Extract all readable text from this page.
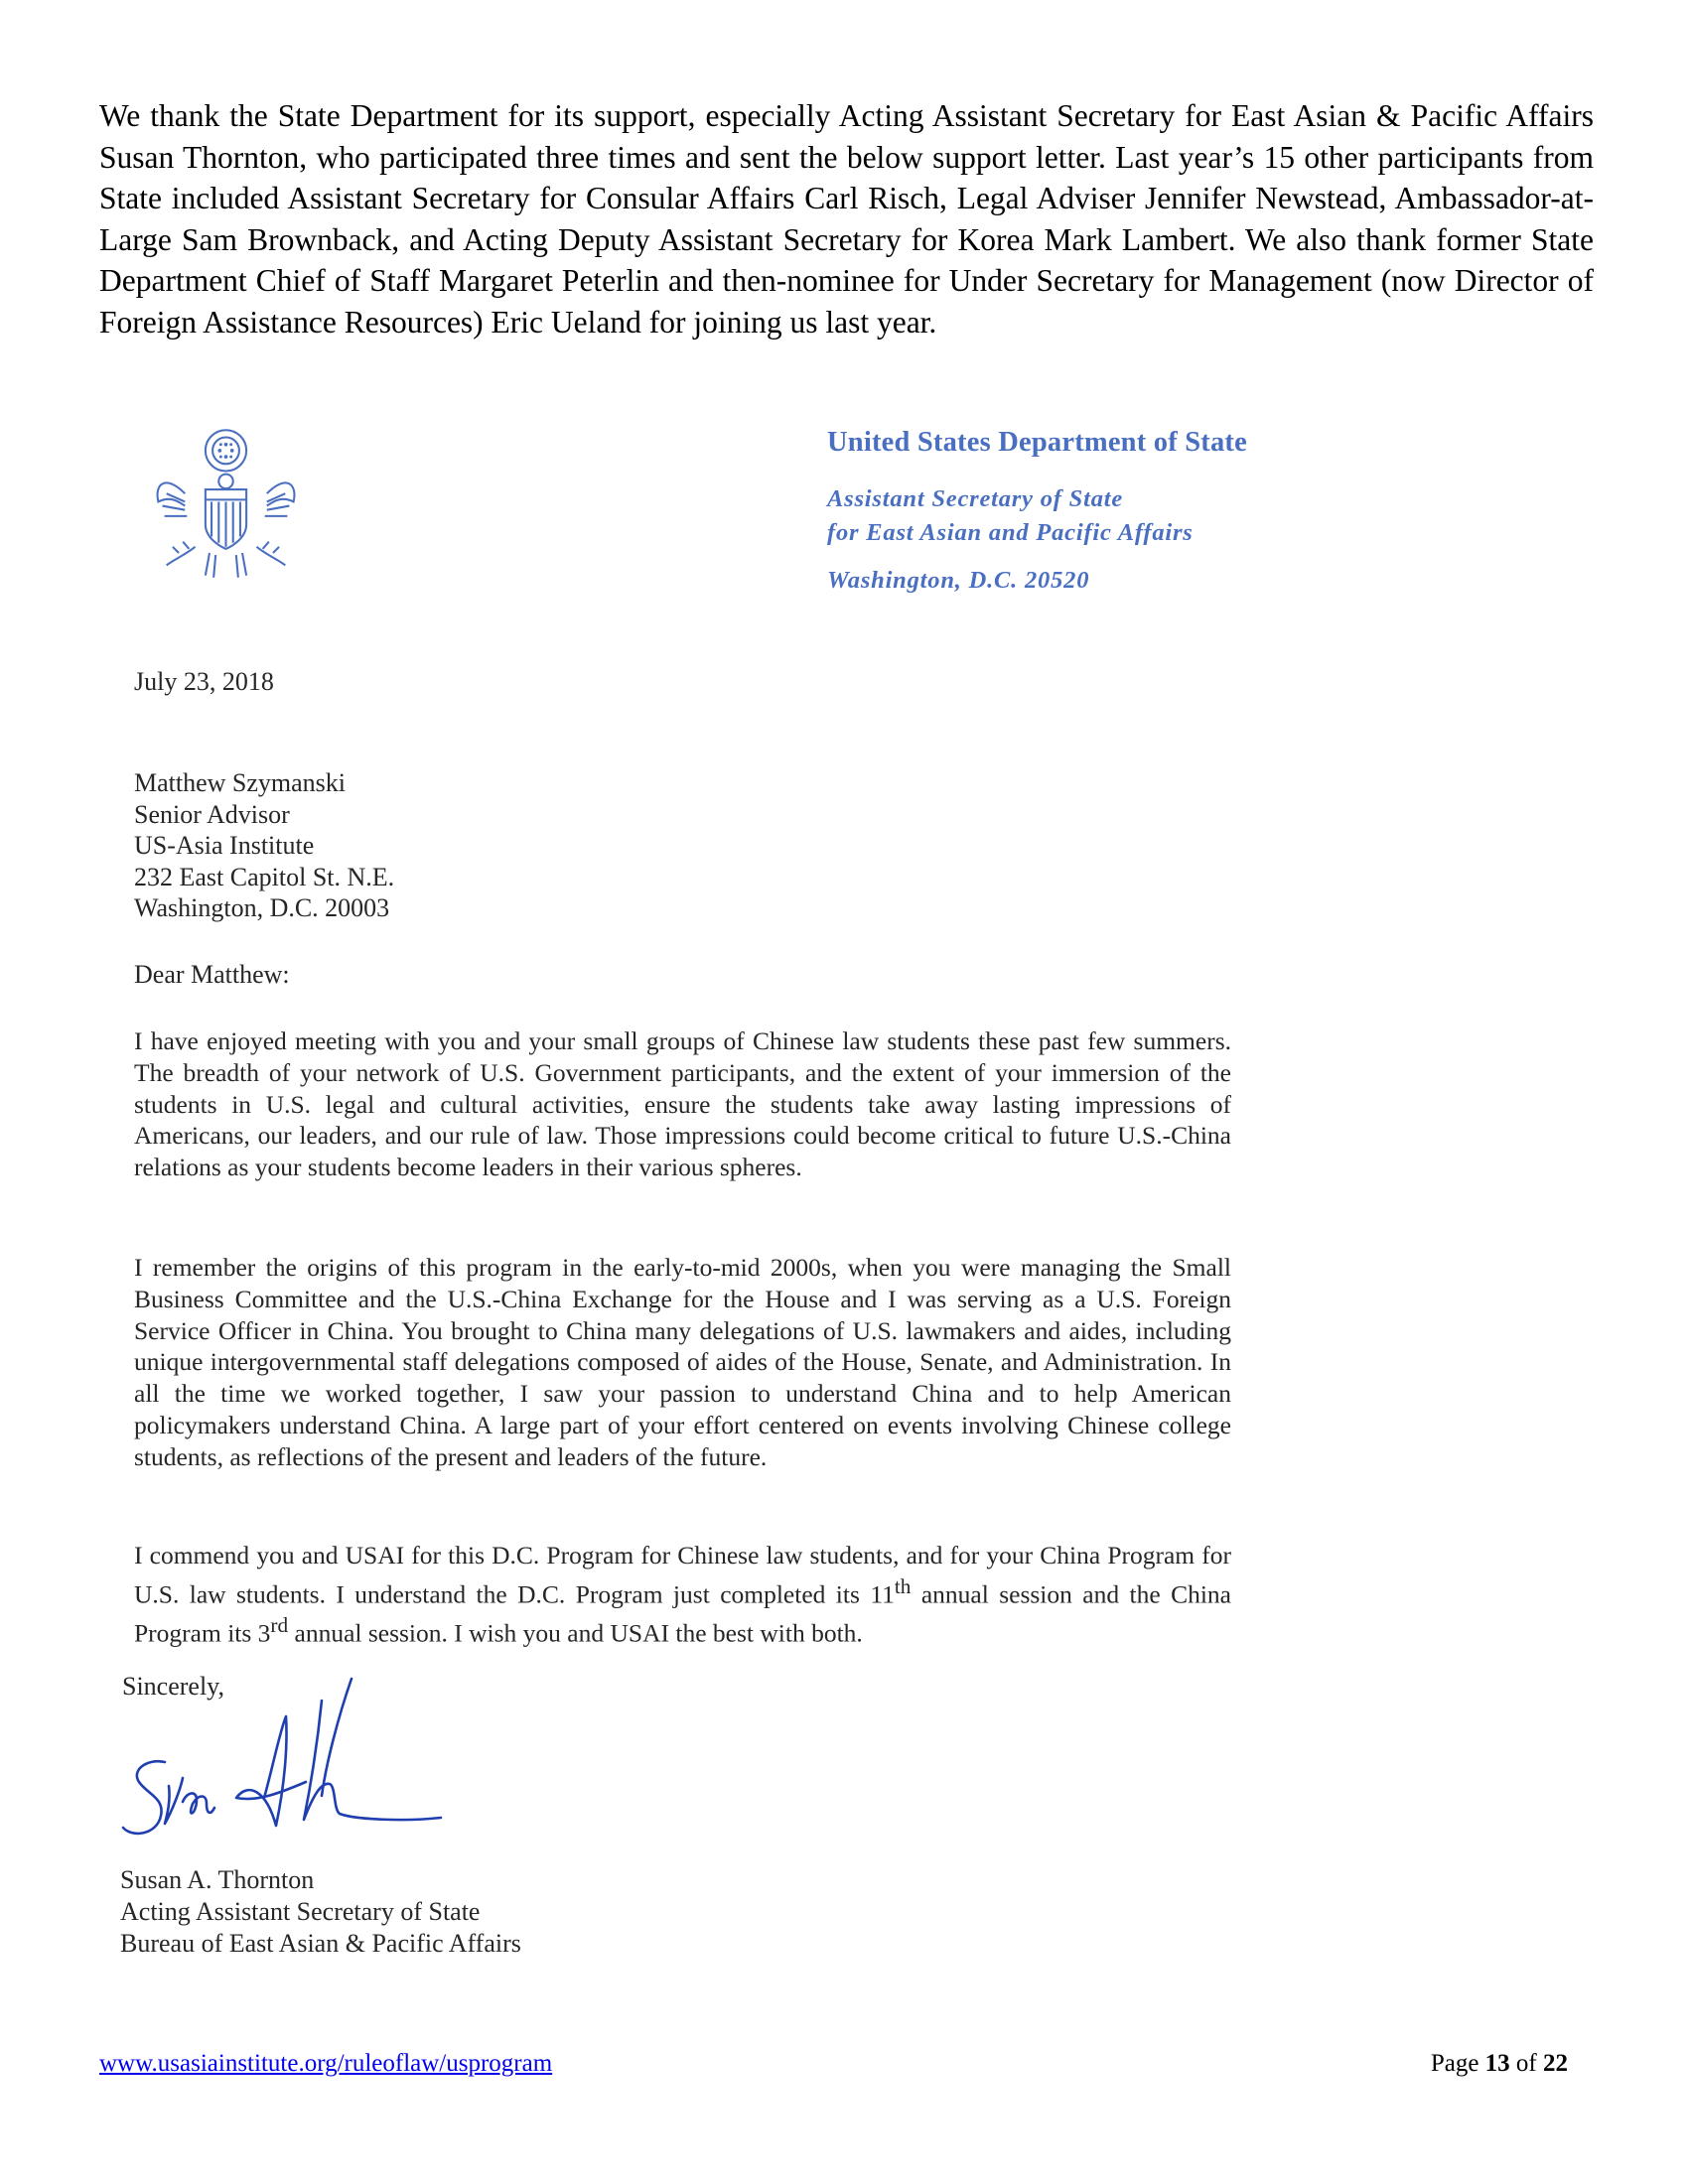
We thank the State Department for its support, especially Acting Assistant Secretary for East Asian & Pacific Affairs Susan Thornton, who participated three times and sent the below support letter. Last year’s 15 other participants from State included Assistant Secretary for Consular Affairs Carl Risch, Legal Adviser Jennifer Newstead, Ambassador-at-Large Sam Brownback, and Acting Deputy Assistant Secretary for Korea Mark Lambert. We also thank former State Department Chief of Staff Margaret Peterlin and then-nominee for Under Secretary for Management (now Director of Foreign Assistance Resources) Eric Ueland for joining us last year.

United States Department of State
Assistant Secretary of State
for East Asian and Pacific Affairs
Washington, D.C. 20520
July 23, 2018
Matthew Szymanski
Senior Advisor
US-Asia Institute
232 East Capitol St. N.E.
Washington, D.C. 20003
Dear Matthew:

I have enjoyed meeting with you and your small groups of Chinese law students these past few summers. The breadth of your network of U.S. Government participants, and the extent of your immersion of the students in U.S. legal and cultural activities, ensure the students take away lasting impressions of Americans, our leaders, and our rule of law. Those impressions could become critical to future U.S.-China relations as your students become leaders in their various spheres.

I remember the origins of this program in the early-to-mid 2000s, when you were managing the Small Business Committee and the U.S.-China Exchange for the House and I was serving as a U.S. Foreign Service Officer in China. You brought to China many delegations of U.S. lawmakers and aides, including unique intergovernmental staff delegations composed of aides of the House, Senate, and Administration. In all the time we worked together, I saw your passion to understand China and to help American policymakers understand China. A large part of your effort centered on events involving Chinese college students, as reflections of the present and leaders of the future.

I commend you and USAI for this D.C. Program for Chinese law students, and for your China Program for U.S. law students. I understand the D.C. Program just completed its 11th annual session and the China Program its 3rd annual session. I wish you and USAI the best with both.

Sincerely,
Susan A. Thornton
Acting Assistant Secretary of State
Bureau of East Asian & Pacific Affairs
www.usasiainstitute.org/ruleoflaw/usprogram	Page 13 of 22
